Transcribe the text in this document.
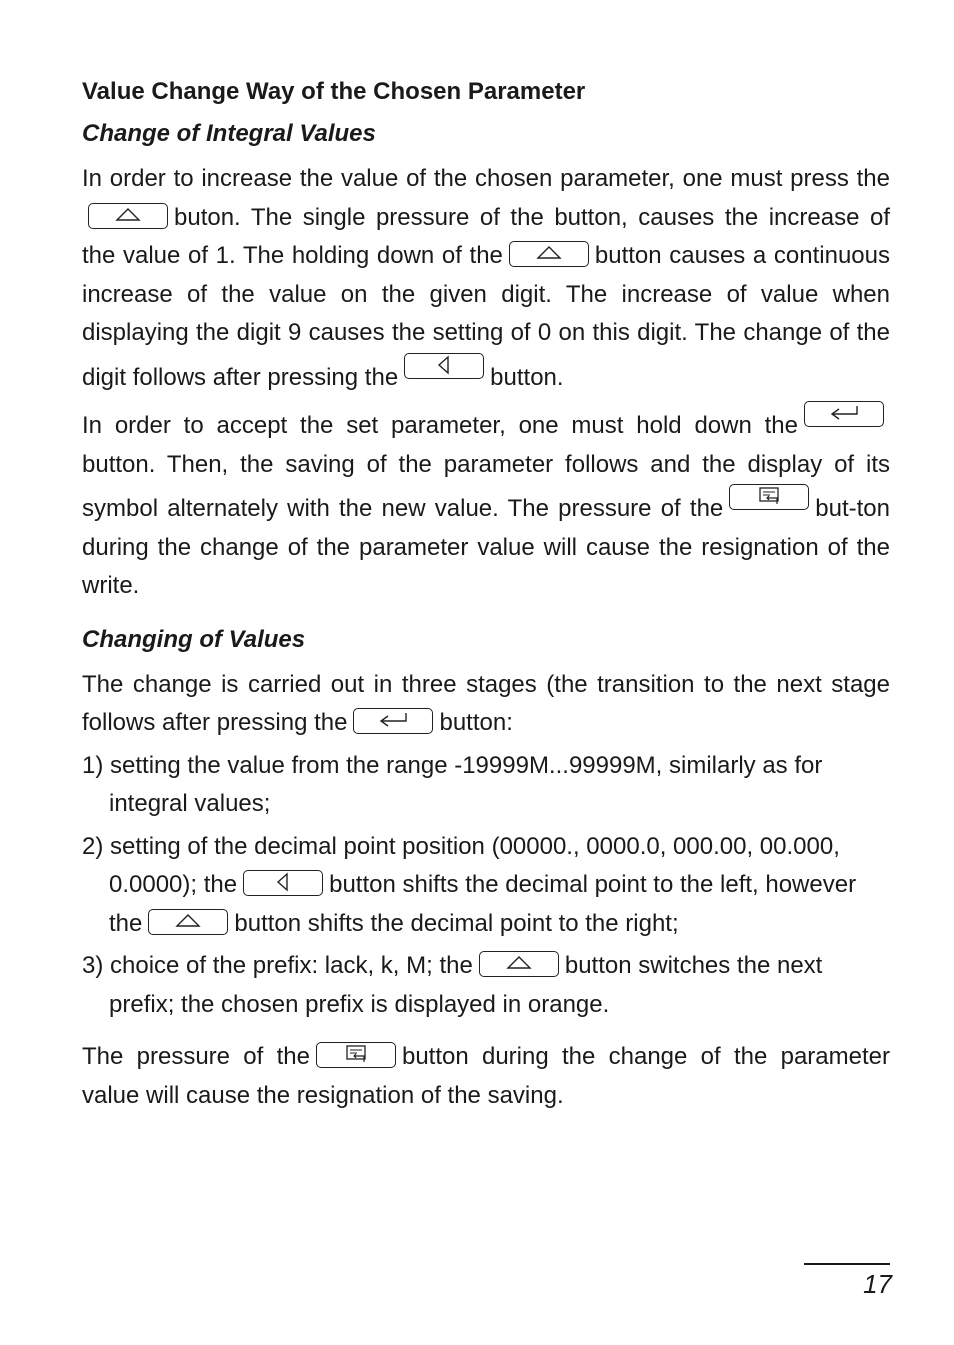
Value Change Way of the Chosen Parameter
Change of Integral Values

In order to increase the value of the chosen parameter, one must press the
buton. The single pressure of the button, causes the increase of the value of 1. The holding down of the	button causes a continuous increase of the value on the given digit. The increase of value when displaying the digit 9 causes the setting of 0 on this digit. The change of the digit follows after pressing the	button.

In order to accept the set parameter, one must hold down the
button. Then, the saving of the parameter follows and the display of its symbol alternately with the new value. The pressure of the	but-ton during the change of the parameter value will cause the resignation of the write.

Changing of Values

The change is carried out in three stages (the transition to the next stage follows after pressing the	button:

1) setting the value from the range -19999M...99999M, similarly as for integral values;
2) setting of the decimal point position (00000., 0000.0, 000.00, 00.000, 0.0000); the	button shifts the decimal point to the left, however the	button shifts the decimal point to the right;
3) choice of the prefix: lack, k, M; the	button switches the next prefix; the chosen prefix is displayed in orange.

The pressure of the	button during the change of the parameter value will cause the resignation of the saving.

17
